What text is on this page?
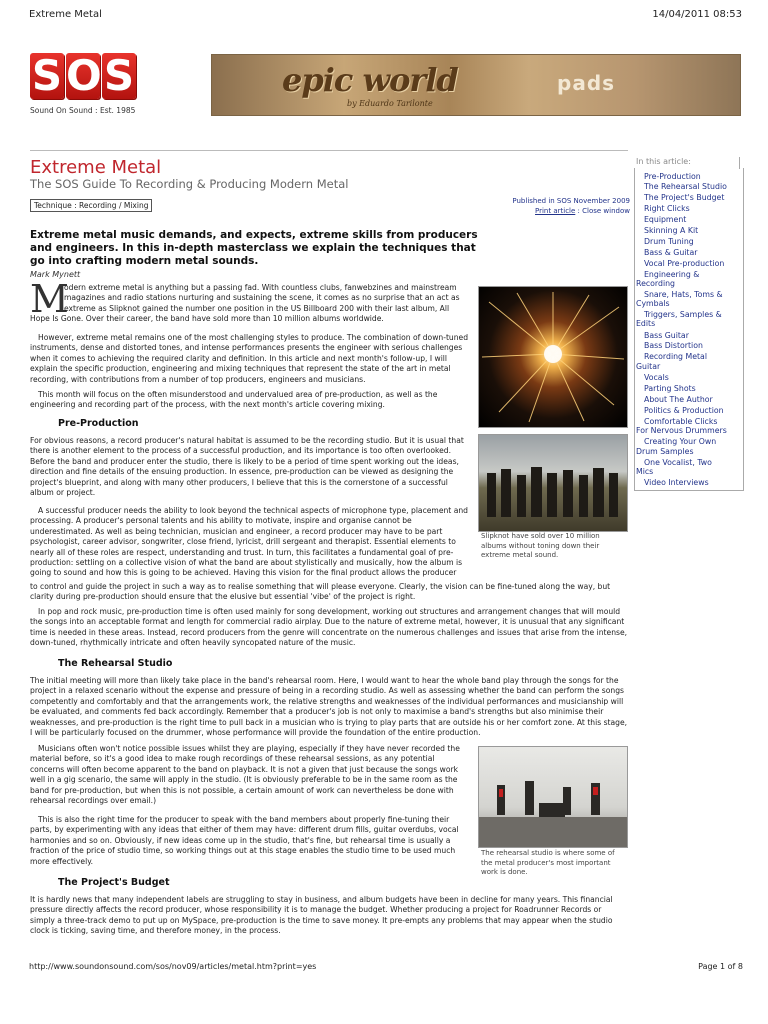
Extreme Metal	14/04/2011 08:53
S O S
Sound On Sound : Est. 1985
epic world
by Eduardo Tarilonte
pads
Extreme Metal
The SOS Guide To Recording & Producing Modern Metal
Technique : Recording / Mixing	Published in SOS November 2009
Print article : Close window
Extreme metal music demands, and expects, extreme skills from producers and engineers. In this in-depth masterclass we explain the techniques that go into crafting modern metal sounds.
Mark Mynett
M
odern extreme metal is anything but a passing fad. With countless clubs, fanwebzines and mainstream
magazines and radio stations nurturing and sustaining the scene, it comes as no surprise that an act as
extreme as Slipknot gained the number one position in the US Billboard 200 with their last album, All
Hope Is Gone. Over their career, the band have sold more than 10 million albums worldwide.
However, extreme metal remains one of the most challenging styles to produce. The combination of down-tuned instruments, dense and distorted tones, and intense performances presents the engineer with serious challenges when it comes to achieving the required clarity and definition. In this article and next month's follow-up, I will explain the specific production, engineering and mixing techniques that represent the state of the art in metal recording, with contributions from a number of top producers, engineers and musicians.
This month will focus on the often misunderstood and undervalued area of pre-production, as well as the engineering and recording part of the process, with the next month's article covering mixing.
Pre-Production
For obvious reasons, a record producer's natural habitat is assumed to be the recording studio. But it is usual that there is another element to the process of a successful production, and its importance is too often overlooked. Before the band and producer enter the studio, there is likely to be a period of time spent working out the ideas, direction and fine details of the ensuing production. In essence, pre-production can be viewed as designing the project's blueprint, and along with many other producers, I believe that this is the cornerstone of a successful album or project.
A successful producer needs the ability to look beyond the technical aspects of microphone type, placement and processing. A producer's personal talents and his ability to motivate, inspire and organise cannot be underestimated. As well as being technician, musician and engineer, a record producer may have to be part psychologist, career advisor, songwriter, close friend, lyricist, drill sergeant and therapist. Essential elements to nearly all of these roles are respect, understanding and trust. In turn, this facilitates a fundamental goal of pre-production: settling on a collective vision of what the band are about stylistically and musically, how the album is going to sound and how this is going to be achieved. Having this vision for the final product allows the producer
to control and guide the project in such a way as to realise something that will please everyone. Clearly, the vision can be fine-tuned along the way, but clarity during pre-production should ensure that the elusive but essential 'vibe' of the project is right.
In pop and rock music, pre-production time is often used mainly for song development, working out structures and arrangement changes that will mould the songs into an acceptable format and length for commercial radio airplay. Due to the nature of extreme metal, however, it is unusual that any significant time is needed in these areas. Instead, record producers from the genre will concentrate on the numerous challenges and issues that arise from the intense, down-tuned, rhythmically intricate and often heavily syncopated nature of the music.
The Rehearsal Studio
The initial meeting will more than likely take place in the band's rehearsal room. Here, I would want to hear the whole band play through the songs for the project in a relaxed scenario without the expense and pressure of being in a recording studio. As well as assessing whether the band can perform the songs competently and comfortably and that the arrangements work, the relative strengths and weaknesses of the individual performances and musicianship will be evaluated, and comments fed back accordingly. Remember that a producer's job is not only to maximise a band's strengths but also minimise their weaknesses, and pre-production is the right time to pull back in a musician who is trying to play parts that are outside his or her comfort zone. At this stage, I will be particularly focused on the drummer, whose performance will provide the foundation of the entire production.
Musicians often won't notice possible issues whilst they are playing, especially if they have never recorded the material before, so it's a good idea to make rough recordings of these rehearsal sessions, as any potential concerns will often become apparent to the band on playback. It is not a given that just because the songs work well in a gig scenario, the same will apply in the studio. (It is obviously preferable to be in the same room as the band for pre-production, but when this is not possible, a certain amount of work can nevertheless be done with rehearsal recordings over email.)
This is also the right time for the producer to speak with the band members about properly fine-tuning their parts, by experimenting with any ideas that either of them may have: different drum fills, guitar overdubs, vocal harmonies and so on. Obviously, if new ideas come up in the studio, that's fine, but rehearsal time is usually a fraction of the price of studio time, so working things out at this stage enables the studio time to be used much more effectively.
The Project's Budget
It is hardly news that many independent labels are struggling to stay in business, and album budgets have been in decline for many years. This financial pressure directly affects the record producer, whose responsibility it is to manage the budget. Whether producing a project for Roadrunner Records or simply a three-track demo to put up on MySpace, pre-production is the time to save money. It pre-empts any problems that may appear when the studio clock is ticking, saving time, and therefore money, in the process.
Slipknot have sold over 10 million albums without toning down their extreme metal sound.
The rehearsal studio is where some of the metal producer's most important work is done.
In this article:
Pre-Production
The Rehearsal Studio
The Project's Budget
Right Clicks
Equipment
Skinning A Kit
Drum Tuning
Bass & Guitar
Vocal Pre-production
Engineering &
Recording
Snare, Hats, Toms &
Cymbals
Triggers, Samples &
Edits
Bass Guitar
Bass Distortion
Recording Metal
Guitar
Vocals
Parting Shots
About The Author
Politics & Production
Comfortable Clicks
For Nervous Drummers
Creating Your Own
Drum Samples
One Vocalist, Two
Mics
Video Interviews
http://www.soundonsound.com/sos/nov09/articles/metal.htm?print=yes	Page 1 of 8
